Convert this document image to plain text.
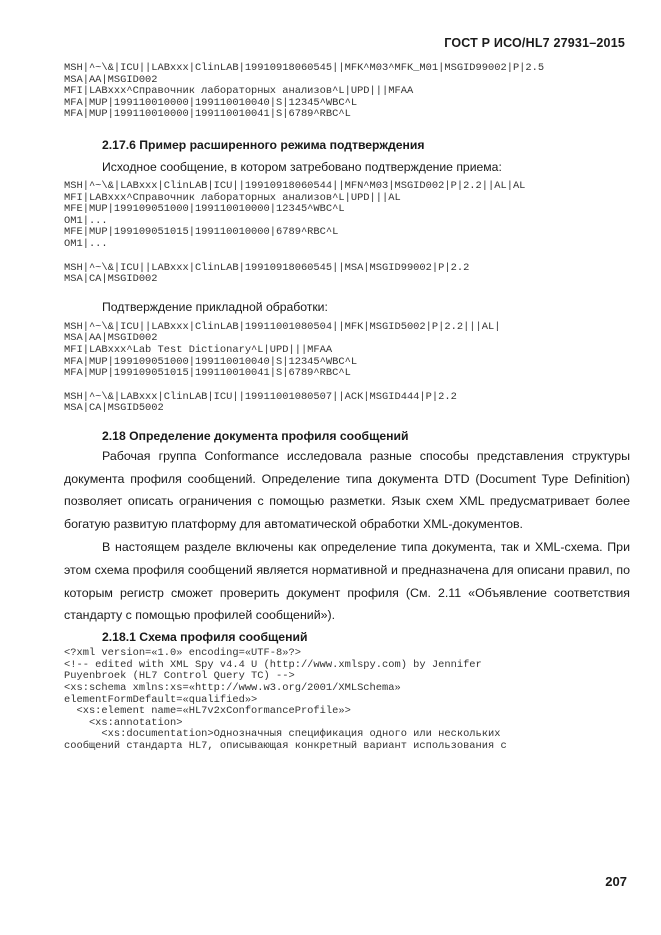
ГОСТ Р ИСО/HL7 27931–2015
MSH|^~\&|ICU||LABxxx|ClinLAB|19910918060545||MFK^M03^MFK_M01|MSGID99002|P|2.5
MSA|AA|MSGID002
MFI|LABxxx^Справочник лабораторных анализов^L|UPD|||MFAA
MFA|MUP|199110010000|199110010040|S|12345^WBC^L
MFA|MUP|199110010000|199110010041|S|6789^RBC^L
2.17.6 Пример расширенного режима подтверждения
Исходное сообщение, в котором затребовано подтверждение приема:
MSH|^~\&|LABxxx|ClinLAB|ICU||19910918060544||MFN^M03|MSGID002|P|2.2||AL|AL
MFI|LABxxx^Справочник лабораторных анализов^L|UPD|||AL
MFE|MUP|199109051000|199110010000|12345^WBC^L
OM1|...
MFE|MUP|199109051015|199110010000|6789^RBC^L
OM1|...
MSH|^~\&|ICU||LABxxx|ClinLAB|19910918060545||MSA|MSGID99002|P|2.2
MSA|CA|MSGID002
Подтверждение прикладной обработки:
MSH|^~\&|ICU||LABxxx|ClinLAB|19911001080504||MFK|MSGID5002|P|2.2|||AL|
MSA|AA|MSGID002
MFI|LABxxx^Lab Test Dictionary^L|UPD|||MFAA
MFA|MUP|199109051000|199110010040|S|12345^WBC^L
MFA|MUP|199109051015|199110010041|S|6789^RBC^L
MSH|^~\&|LABxxx|ClinLAB|ICU||19911001080507||ACK|MSGID444|P|2.2
MSA|CA|MSGID5002
2.18 Определение документа профиля сообщений

Рабочая группа Conformance исследовала разные способы представления структуры документа профиля сообщений. Определение типа документа DTD (Document Type Definition) позволяет описать ограничения с помощью разметки. Язык схем XML предусматривает более богатую развитую платформу для автоматической обработки XML-документов.

В настоящем разделе включены как определение типа документа, так и XML-схема. При этом схема профиля сообщений является нормативной и предназначена для описани правил, по которым регистр сможет проверить документ профиля (См. 2.11 «Объявление соответствия стандарту с помощью профилей сообщений»).

2.18.1 Схема профиля сообщений
<?xml version=«1.0» encoding=«UTF-8»?>
<!-- edited with XML Spy v4.4 U (http://www.xmlspy.com) by Jennifer
Puyenbroek (HL7 Control Query TC) -->
<xs:schema xmlns:xs=«http://www.w3.org/2001/XMLSchema»
elementFormDefault=«qualified»>
<xs:element name=«HL7v2xConformanceProfile»>
<xs:annotation>
<xs:documentation>Однозначныя спецификация одного или нескольких
сообщений стандарта HL7, описывающая конкретный вариант использования с
207
